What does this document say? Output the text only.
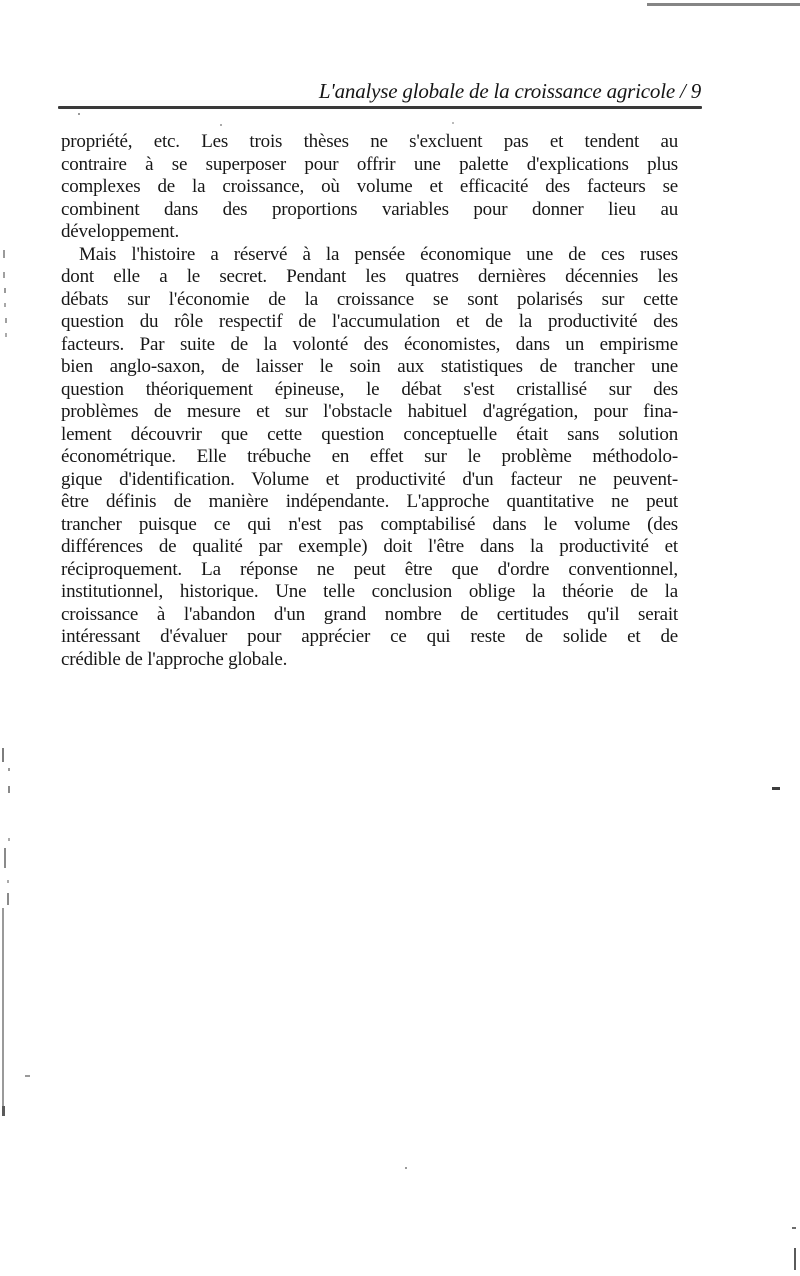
L'analyse globale de la croissance agricole / 9
propriété, etc. Les trois thèses ne s'excluent pas et tendent au
contraire à se superposer pour offrir une palette d'explications plus
complexes de la croissance, où volume et efficacité des facteurs se
combinent dans des proportions variables pour donner lieu au
développement.
Mais l'histoire a réservé à la pensée économique une de ces ruses
dont elle a le secret. Pendant les quatres dernières décennies les
débats sur l'économie de la croissance se sont polarisés sur cette
question du rôle respectif de l'accumulation et de la productivité des
facteurs. Par suite de la volonté des économistes, dans un empirisme
bien anglo-saxon, de laisser le soin aux statistiques de trancher une
question théoriquement épineuse, le débat s'est cristallisé sur des
problèmes de mesure et sur l'obstacle habituel d'agrégation, pour fina-
lement découvrir que cette question conceptuelle était sans solution
économétrique. Elle trébuche en effet sur le problème méthodolo-
gique d'identification. Volume et productivité d'un facteur ne peuvent-
être définis de manière indépendante. L'approche quantitative ne peut
trancher puisque ce qui n'est pas comptabilisé dans le volume (des
différences de qualité par exemple) doit l'être dans la productivité et
réciproquement. La réponse ne peut être que d'ordre conventionnel,
institutionnel, historique. Une telle conclusion oblige la théorie de la
croissance à l'abandon d'un grand nombre de certitudes qu'il serait
intéressant d'évaluer pour apprécier ce qui reste de solide et de
crédible de l'approche globale.
